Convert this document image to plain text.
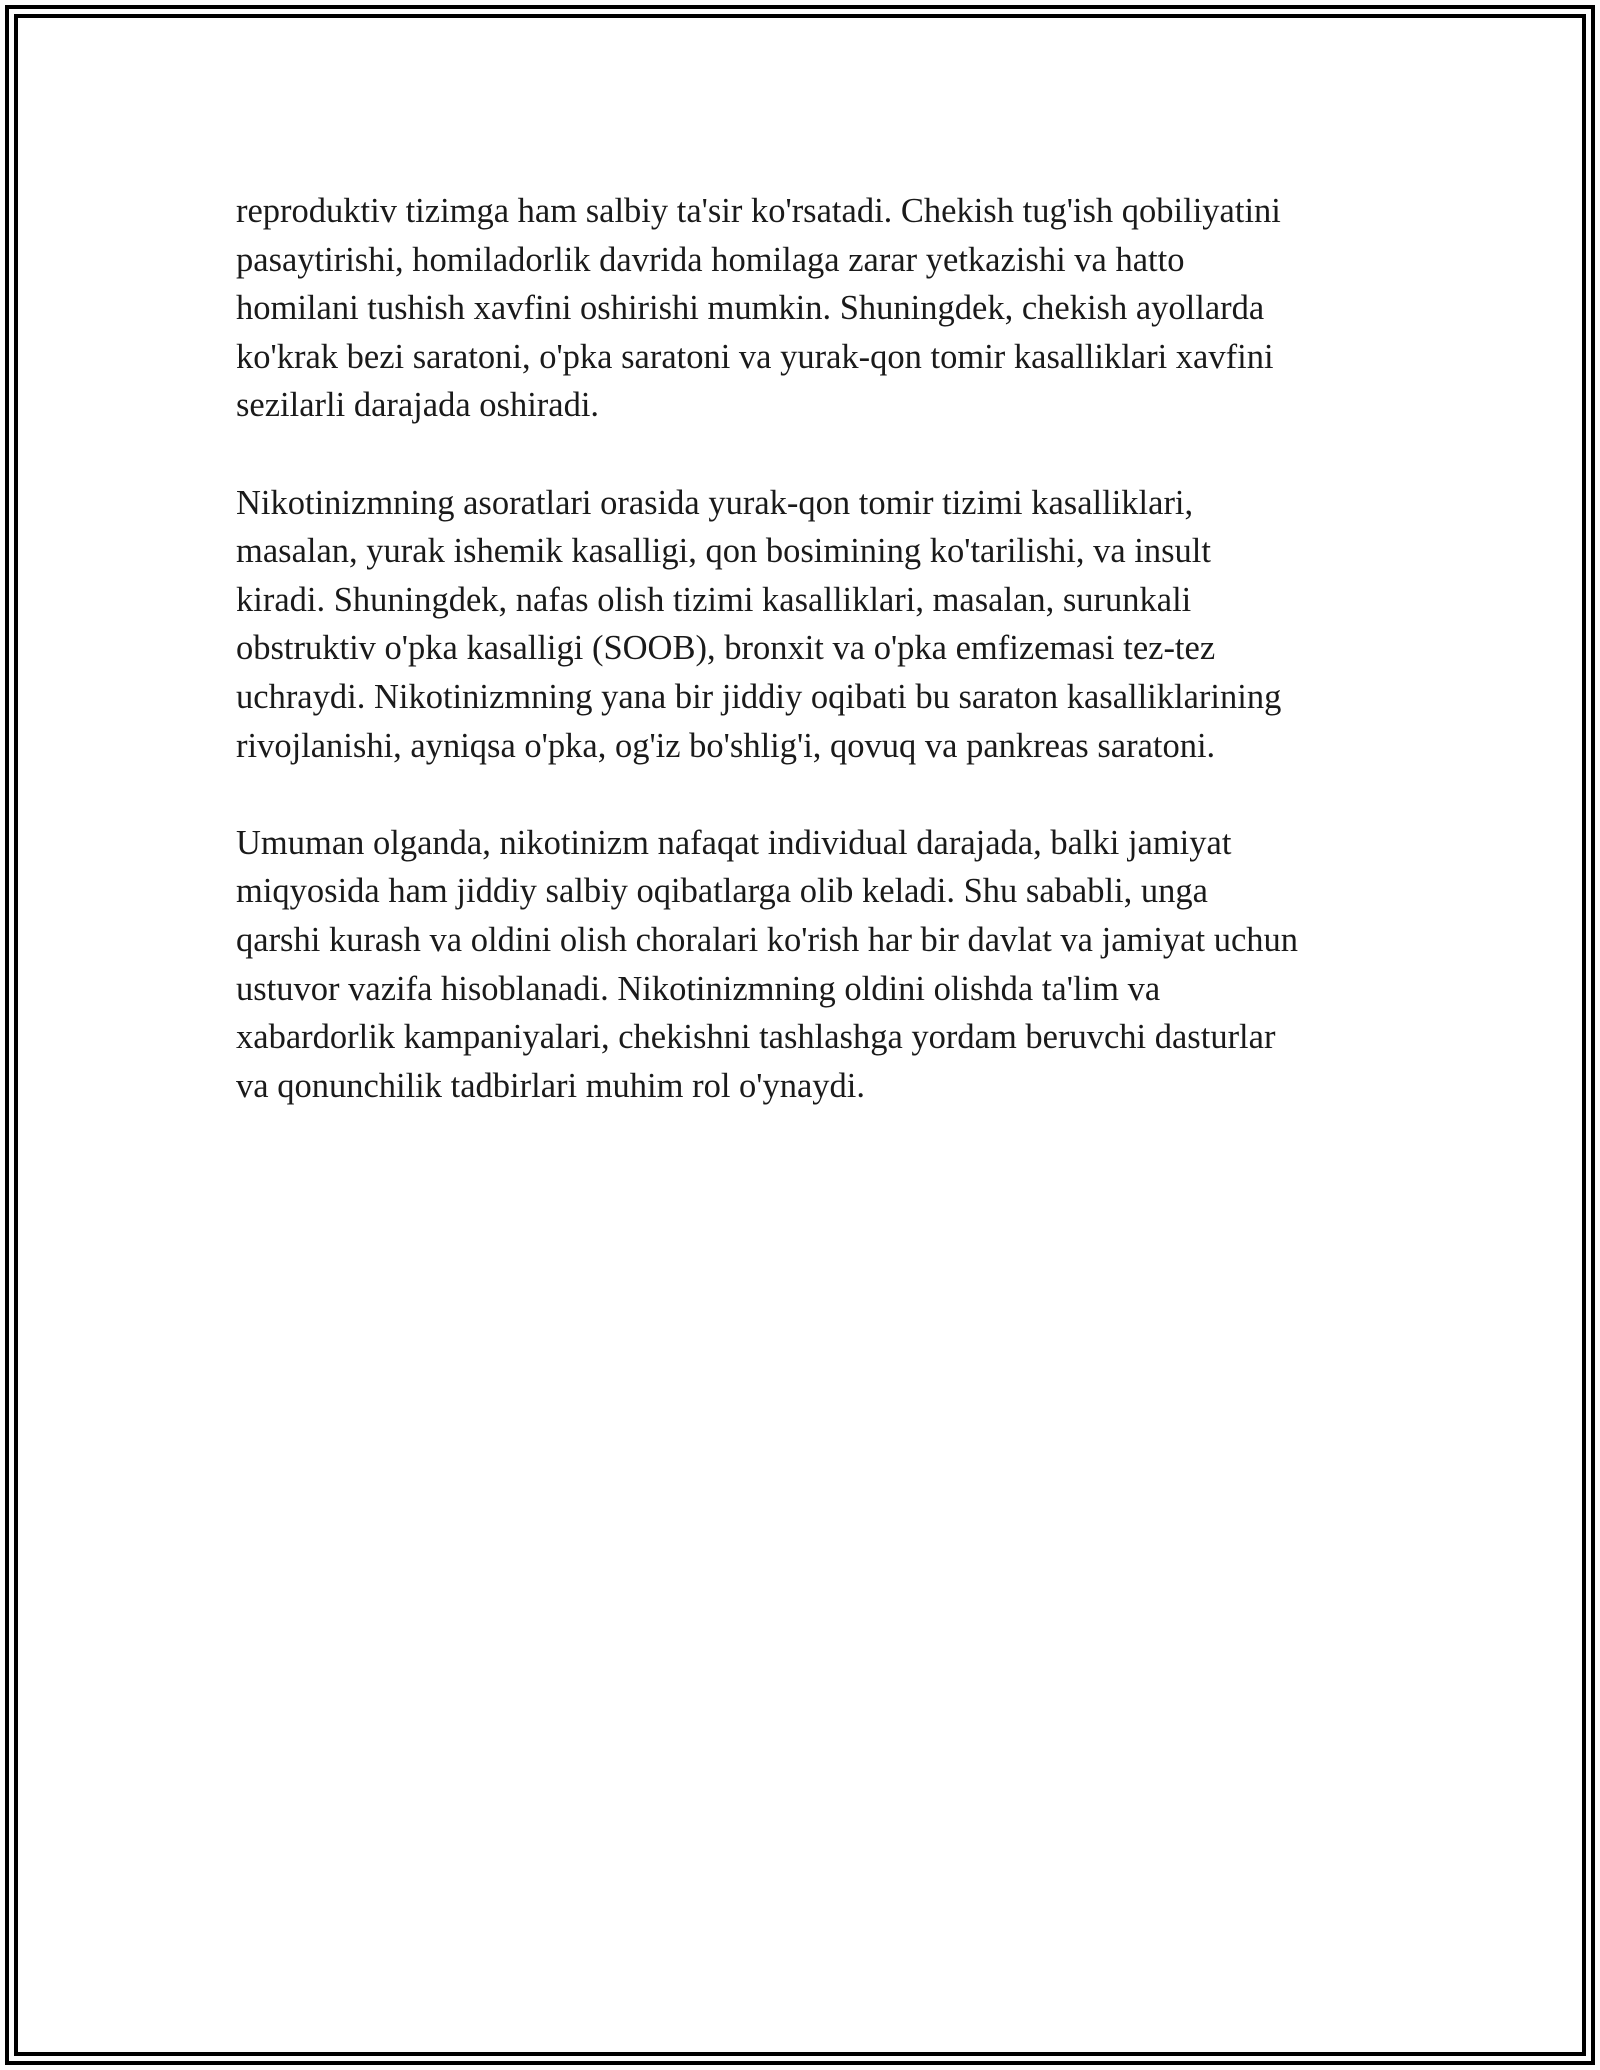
reproduktiv tizimga ham salbiy ta'sir ko'rsatadi. Chekish tug'ish qobiliyatini
pasaytirishi, homiladorlik davrida homilaga zarar yetkazishi va hatto
homilani tushish xavfini oshirishi mumkin. Shuningdek, chekish ayollarda
ko'krak bezi saratoni, o'pka saratoni va yurak-qon tomir kasalliklari xavfini
sezilarli darajada oshiradi.

Nikotinizmning asoratlari orasida yurak-qon tomir tizimi kasalliklari,
masalan, yurak ishemik kasalligi, qon bosimining ko'tarilishi, va insult
kiradi. Shuningdek, nafas olish tizimi kasalliklari, masalan, surunkali
obstruktiv o'pka kasalligi (SOOB), bronxit va o'pka emfizemasi tez-tez
uchraydi. Nikotinizmning yana bir jiddiy oqibati bu saraton kasalliklarining
rivojlanishi, ayniqsa o'pka, og'iz bo'shlig'i, qovuq va pankreas saratoni.

Umuman olganda, nikotinizm nafaqat individual darajada, balki jamiyat
miqyosida ham jiddiy salbiy oqibatlarga olib keladi. Shu sababli, unga
qarshi kurash va oldini olish choralari ko'rish har bir davlat va jamiyat uchun
ustuvor vazifa hisoblanadi. Nikotinizmning oldini olishda ta'lim va
xabardorlik kampaniyalari, chekishni tashlashga yordam beruvchi dasturlar
va qonunchilik tadbirlari muhim rol o'ynaydi.
